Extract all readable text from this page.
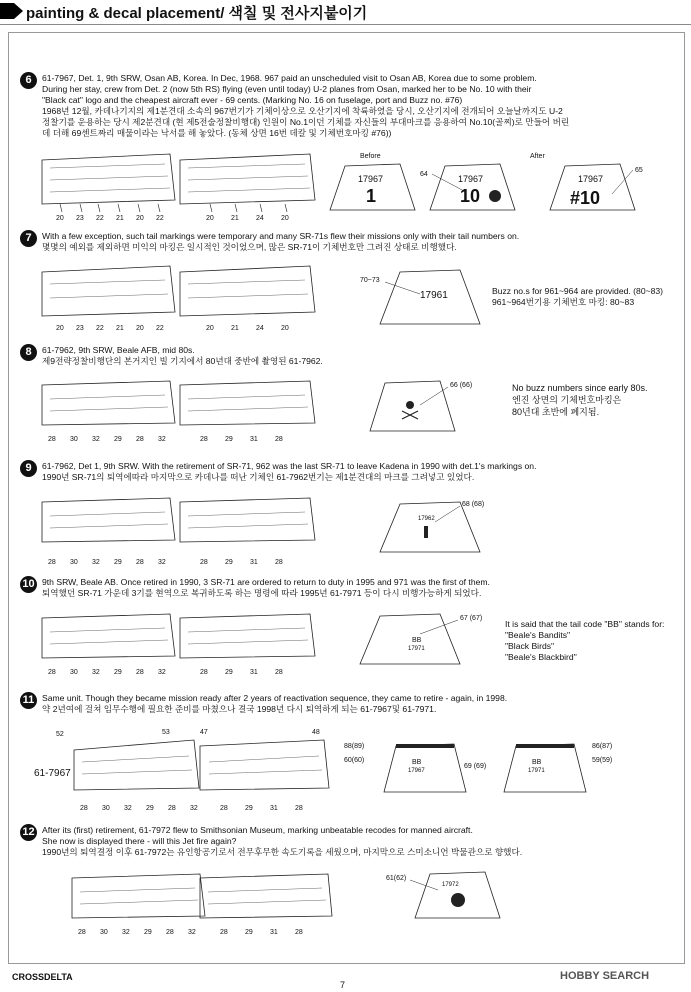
painting & decal placement/ 색칠 및 전사지붙이기
6	61-7967, Det. 1, 9th SRW, Osan AB, Korea. In Dec, 1968. 967 paid an unscheduled visit to Osan AB, Korea due to some problem.

During her stay, crew from Det. 2 (now 5th RS) flying (even until today) U-2 planes from Osan, marked her to be No. 10 with their

"Black cat" logo and the cheapest aircraft ever - 69 cents. (Marking No. 16 on fuselage, port and Buzz no. #76)

1968년 12월, 카데나기지의 제1분견대 소속의 967번기가 기체이상으로 오산기지에 착륙하였을 당시, 오산기지에 전개되어 오늘날까지도 U-2

정찰기를 운용하는 당시 제2분견대 (현 제5전술정찰비행대) 인원이 No.1이던 기체를 자신들의 부대마크를 응용하여 No.10(골찌)로 만들어 버린

데 더해 69센트짜리 매물이라는 낙서를 해 놓았다. (동체 상면 16번 데칼 및 기체번호마킹 #76))

20 23 22 21 20 22	20 21 24 20
Before	After
17967
1
64	17967
10
65
17967
#10
7	With a few exception, such tail markings were temporary and many SR-71s flew their missions only with their tail numbers on.

몇몇의 예외를 제외하면 미익의 마킹은 일시적인 것이었으며, 많은 SR-71이 기체번호만 그려진 상태로 비행했다.

20 23 22 21 20 22	20 21 24 20
70~73
17961	Buzz no.s for 961~964 are provided. (80~83)
961~964번기용 기체번호 마킹: 80~83
8	61-7962, 9th SRW, Beale AFB, mid 80s.

제9전략정찰비행단의 본거지인 빌 기지에서 80년대 중반에 촬영된 61-7962.

28 30 32 29 28 32	28 29 31 28
66 (66)	No buzz numbers since early 80s.
엔진 상면의 기체번호마킹은
80년대 초반에 폐지됨.
9	61-7962, Det 1, 9th SRW. With the retirement of SR-71, 962 was the last SR-71 to leave Kadena in 1990 with det.1's markings on.

1990년 SR-71의 퇴역에따라 마지막으로 카데나를 떠난 기체인 61-7962번기는 제1분견대의 마크를 그려넣고 있었다.

28 30 32 29 28 32	28 29 31 28
68 (68)
17962
10 9th SRW, Beale AB. Once retired in 1990, 3 SR-71 are ordered to return to duty in 1995 and 971 was the first of them.

퇴역했던 SR-71 가운데 3기를 현역으로 복귀하도록 하는 명령에 따라 1995년 61-7971 등이 다시 비행가능하게 되었다.

28 30 32 29 28 32	28 29 31 28
67 (67)
BB
17971
It is said that the tail code "BB" stands for:
"Beale's Bandits"
"Black Birds"
"Beale's Blackbird"
11 Same unit. Though they became mission ready after 2 years of reactivation sequence, they came to retire - again, in 1998.

약 2년여에 걸쳐 임무수행에 필요한 준비를 마쳤으나 결국 1998년 다시 퇴역하게 되는 61-7967및 61-7971.

52	53	47	48
61-7967
28 30 32 29 28 32	28 29 31 28
88(89)
60(60)
69 (69)
BB
17967
86(87)
59(59)
BB
17971
12 After its (first) retirement, 61-7972 flew to Smithsonian Museum, marking unbeatable recodes for manned aircraft.

She now is displayed there - will this Jet fire again?

1990년의 퇴역결정 이후 61-7972는 유인항공기로서 전무후무한 속도기록을 세웠으며, 마지막으로 스미소니언 박물관으로 향했다.

28 30 32 29 28 32	28 29 31 28
61(62)
17972
CROSSDELTA
7
HOBBY SEARCH
